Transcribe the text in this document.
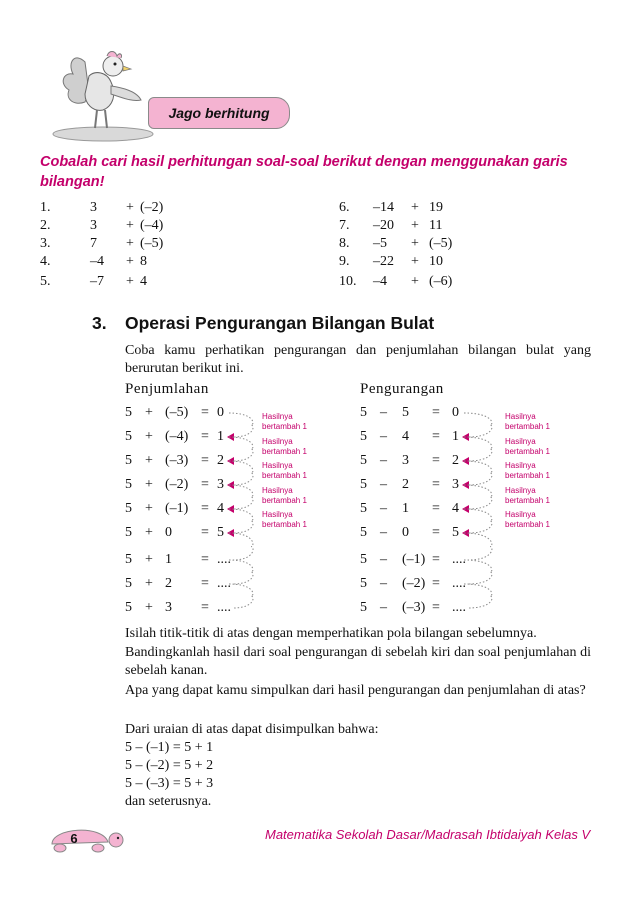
Jago berhitung
Cobalah cari hasil perhitungan soal-soal berikut dengan menggunakan garis bilangan!
1.	3 + (–2)
2.	3 + (–4)
3.	7 + (–5)
4.	–4 + 8
5.	–7 + 4
6. –14 + 19
7. –20 + 11
8. –5 + (–5)
9. –22 + 10
10. –4 + (–6)
3. Operasi Pengurangan Bilangan Bulat
Coba kamu perhatikan pengurangan dan penjumlahan bilangan bulat yang berurutan berikut ini.
Penjumlahan	Pengurangan
5 + (–5) = 0
5 + (–4) = 1
5 + (–3) = 2
5 + (–2) = 3
5 + (–1) = 4
5 + 0 = 5
5 + 1 = ....
5 + 2 = ....
5 + 3 = ....
5 – 5 = 0
5 – 4 = 1
5 – 3 = 2
5 – 2 = 3
5 – 1 = 4
5 – 0 = 5
5 – (–1) = ....
5 – (–2) = ....
5 – (–3) = ....
Hasilnya
bertambah 1
Hasilnya
bertambah 1
Hasilnya
bertambah 1
Hasilnya
bertambah 1
Hasilnya
bertambah 1
Hasilnya
bertambah 1
Hasilnya
bertambah 1
Hasilnya
bertambah 1
Hasilnya
bertambah 1
Hasilnya
bertambah 1
Isilah titik-titik di atas dengan memperhatikan pola bilangan sebelumnya.
Bandingkanlah hasil dari soal pengurangan di sebelah kiri dan soal penjumlahan di sebelah kanan.
Apa yang dapat kamu simpulkan dari hasil pengurangan dan penjumlahan di atas?
Dari uraian di atas dapat disimpulkan bahwa:
5 – (–1) = 5 + 1
5 – (–2) = 5 + 2
5 – (–3) = 5 + 3
dan seterusnya.
6	Matematika Sekolah Dasar/Madrasah Ibtidaiyah Kelas V
